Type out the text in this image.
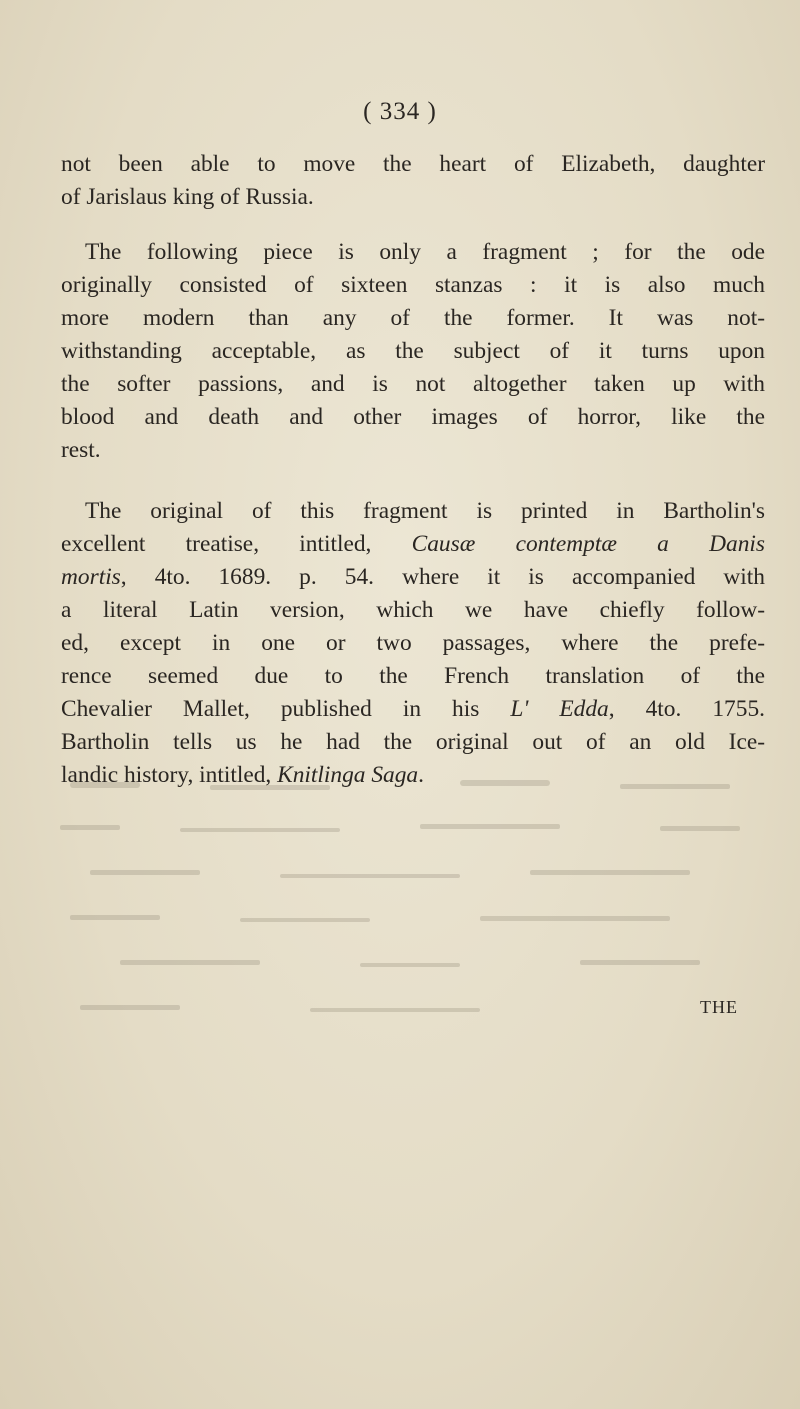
( 334 )
not been able to move the heart of Elizabeth, daughter
of Jarislaus king of Russia.
The following piece is only a fragment ; for the ode
originally consisted of sixteen stanzas : it is also much
more modern than any of the former. It was not-
withstanding acceptable, as the subject of it turns upon
the softer passions, and is not altogether taken up with
blood and death and other images of horror, like the
rest.
The original of this fragment is printed in Bartholin's
excellent treatise, intitled, Causæ contemptæ a Danis
mortis, 4to. 1689. p. 54. where it is accompanied with
a literal Latin version, which we have chiefly follow-
ed, except in one or two passages, where the prefe-
rence seemed due to the French translation of the
Chevalier Mallet, published in his L' Edda, 4to. 1755.
Bartholin tells us he had the original out of an old Ice-
landic history, intitled, Knitlinga Saga.
THE
